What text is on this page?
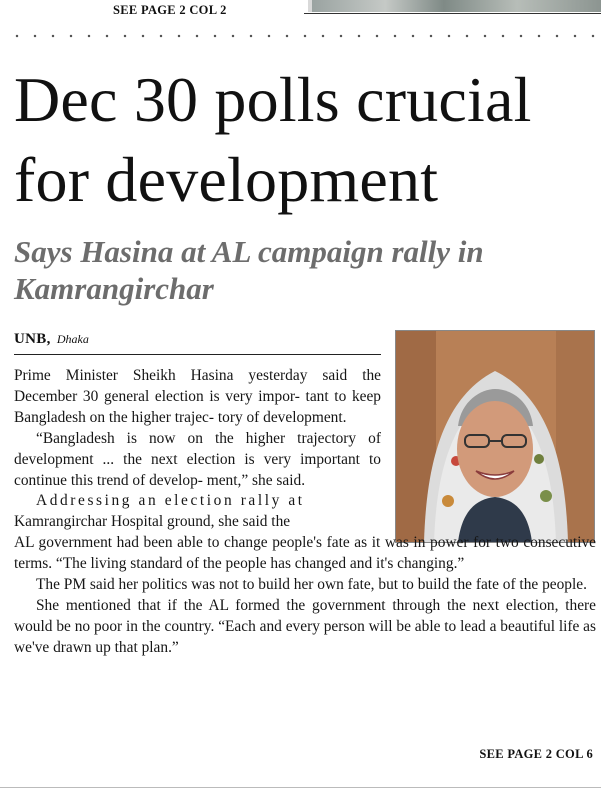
SEE PAGE 2 COL 2
Dec 30 polls crucial for development
Says Hasina at AL campaign rally in Kamrangirchar
UNB, Dhaka

Prime Minister Sheikh Hasina yesterday said the December 30 general election is very impor- tant to keep Bangladesh on the higher trajec- tory of development.

“Bangladesh is now on the higher trajectory of development ... the next election is very important to continue this trend of develop- ment,” she said.

Addressing an election rally at

Kamrangirchar Hospital ground, she said the

AL government had been able to change people's fate as it was in power for two consecutive terms. “The living standard of the people has changed and it's changing.”

The PM said her politics was not to build her own fate, but to build the fate of the people.

She mentioned that if the AL formed the government through the next election, there would be no poor in the country. “Each and every person will be able to lead a beautiful life as we've drawn up that plan.”

SEE PAGE 2 COL 6
